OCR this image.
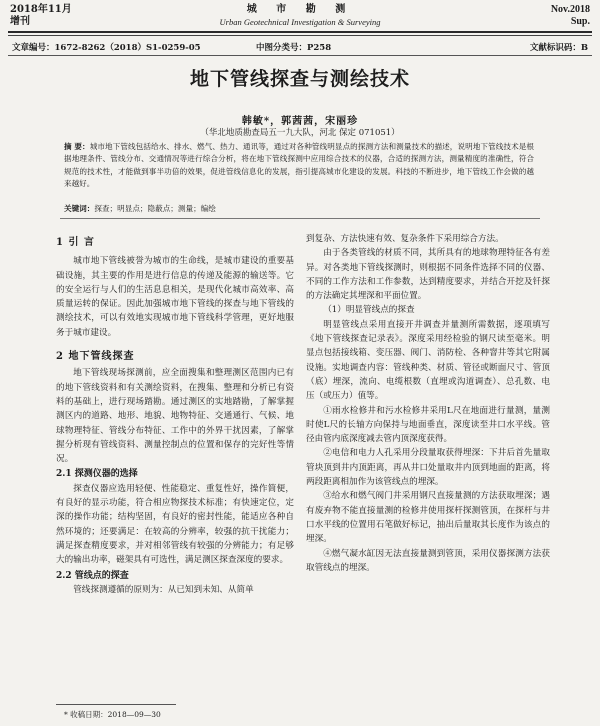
2018年11月
增刊
城 市 勘 测
Urban Geotechnical Investigation & Surveying
Nov.2018
Sup.
文章编号：1672-8262（2018）S1-0259-05	中图分类号：P258	文献标识码：B
地下管线探查与测绘技术
韩敏*，郭茜茜，宋丽珍
（华北地质勘查局五一九大队，河北 保定 071051）
摘 要：城市地下管线包括给水、排水、燃气、热力、通讯等，通过对各种管线明显点的探测方法和测量技术的描述，说明地下管线技术是根据地理条件、管线分布、交通情况等进行综合分析，将在地下管线探测中应用综合技术的仪器，合适的探测方法，测量精度的准确性，符合规范的技术性，才能做到事半功倍的效果，促进管线信息化的发展，指引提高城市化建设的发展。科技的不断进步，地下管线工作会做的越来越好。
关键词：探查；明显点；隐蔽点；测量；编绘
1 引 言

城市地下管线被誉为城市的生命线，是城市建设的重要基础设施，其主要的作用是进行信息的传递及能源的输送等。它的安全运行与人们的生活息息相关，是现代化城市高效率、高质量运转的保证。因此加强城市地下管线的探查与地下管线的测绘技术，可以有效地实现城市地下管线科学管理，更好地服务于城市建设。

2 地下管线探查

地下管线现场探测前，应全面搜集和整理测区范围内已有的地下管线资料和有关测绘资料，在搜集、整理和分析已有资料的基础上，进行现场踏勘。通过测区的实地踏勘，了解掌握测区内的道路、地形、地貌、地物特征、交通通行、气候、地球物理特征、管线分布特征、工作中的外界干扰因素，了解掌握分析现有管线资料、测量控制点的位置和保存的完好性等情况。

2.1 探测仪器的选择

探查仪器应选用轻便、性能稳定、重复性好，操作简便，有良好的显示功能，符合相应物探技术标准；有快速定位，定深的操作功能；结构坚固，有良好的密封性能，能适应各种自然环境的；还要满足：在较高的分辨率，较强的抗干扰能力；满足探查精度要求，并对相邻管线有较强的分辨能力；有足够大的输出功率，磁架具有可选性，满足测区探查深度的要求。

2.2 管线点的探查

管线探测遵循的原则为：从已知到未知、从简单

到复杂、方法快速有效、复杂条件下采用综合方法。

由于各类管线的材质不同，其所具有的地球物理特征各有差异。对各类地下管线探测时，则根据不同条件选择不同的仪器、不同的工作方法和工作参数，达到精度要求，并结合开挖及钎探的方法确定其埋深和平面位置。

（1）明显管线点的探查

明显管线点采用直接开井调查并量测所需数据，逐项填写《地下管线探查记录表》。深度采用经检验的钢尺读至毫米。明显点包括接线箱、变压器、阀门、消防栓、各种窨井等其它附属设施。实地调查内容：管线种类、材质、管径或断面尺寸、管顶（底）埋深，流向、电缆根数（直埋或沟道调查）、总孔数、电压（或压力）值等。

①雨水检修井和污水检修井采用L尺在地面进行量测，量测时使L尺的长轴方向保持与地面垂直，深度读至井口水平线。管径由管内底深度减去管内顶深度获得。

②电信和电力人孔采用分段量取获得埋深：下井后首先量取管块顶到井内顶距离，再从井口处量取井内顶到地面的距离，将两段距离相加作为该管线点的埋深。

③给水和燃气阀门井采用钢尺直接量测的方法获取埋深；遇有废弃物不能直接量测的检修井使用探杆探测管顶，在探杆与井口水平线的位置用石笔做好标记，抽出后量取其长度作为该点的埋深。

④燃气凝水缸因无法直接量测到管顶，采用仪器探测方法获取管线点的埋深。

* 收稿日期：2018—09—30
